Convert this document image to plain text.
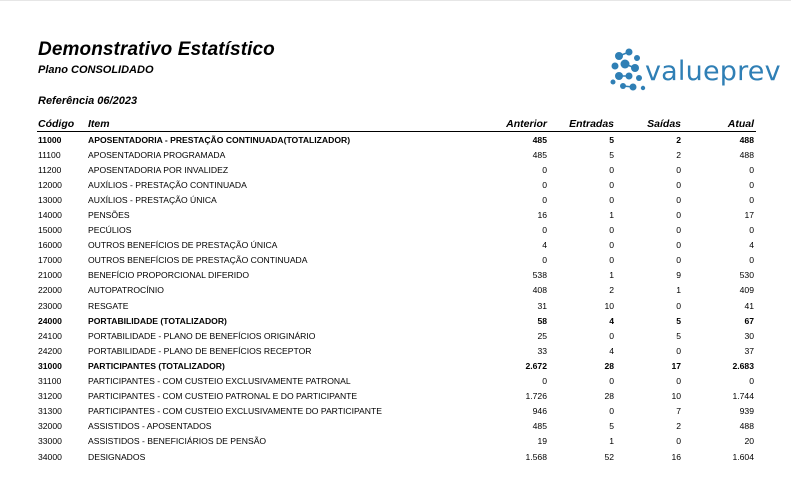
Demonstrativo Estatístico
Plano CONSOLIDADO
Referência 06/2023
valueprev
Código	Item	Anterior	Entradas	Saídas	Atual
11000	APOSENTADORIA - PRESTAÇÃO CONTINUADA(TOTALIZADOR)	485	5	2	488
11100	APOSENTADORIA PROGRAMADA	485	5	2	488
11200	APOSENTADORIA POR INVALIDEZ	0	0	0	0
12000	AUXÍLIOS - PRESTAÇÃO CONTINUADA	0	0	0	0
13000	AUXÍLIOS - PRESTAÇÃO ÚNICA	0	0	0	0
14000	PENSÕES	16	1	0	17
15000	PECÚLIOS	0	0	0	0
16000	OUTROS BENEFÍCIOS DE PRESTAÇÃO ÚNICA	4	0	0	4
17000	OUTROS BENEFÍCIOS DE PRESTAÇÃO CONTINUADA	0	0	0	0
21000	BENEFÍCIO PROPORCIONAL DIFERIDO	538	1	9	530
22000	AUTOPATROCÍNIO	408	2	1	409
23000	RESGATE	31	10	0	41
24000	PORTABILIDADE (TOTALIZADOR)	58	4	5	67
24100	PORTABILIDADE - PLANO DE BENEFÍCIOS ORIGINÁRIO	25	0	5	30
24200	PORTABILIDADE - PLANO DE BENEFÍCIOS RECEPTOR	33	4	0	37
31000	PARTICIPANTES (TOTALIZADOR)	2.672	28	17	2.683
31100	PARTICIPANTES - COM CUSTEIO EXCLUSIVAMENTE PATRONAL	0	0	0	0
31200	PARTICIPANTES - COM CUSTEIO PATRONAL E DO PARTICIPANTE	1.726	28	10	1.744
31300	PARTICIPANTES - COM CUSTEIO EXCLUSIVAMENTE DO PARTICIPANTE	946	0	7	939
32000	ASSISTIDOS - APOSENTADOS	485	5	2	488
33000	ASSISTIDOS - BENEFICIÁRIOS DE PENSÃO	19	1	0	20
34000	DESIGNADOS	1.568	52	16	1.604
